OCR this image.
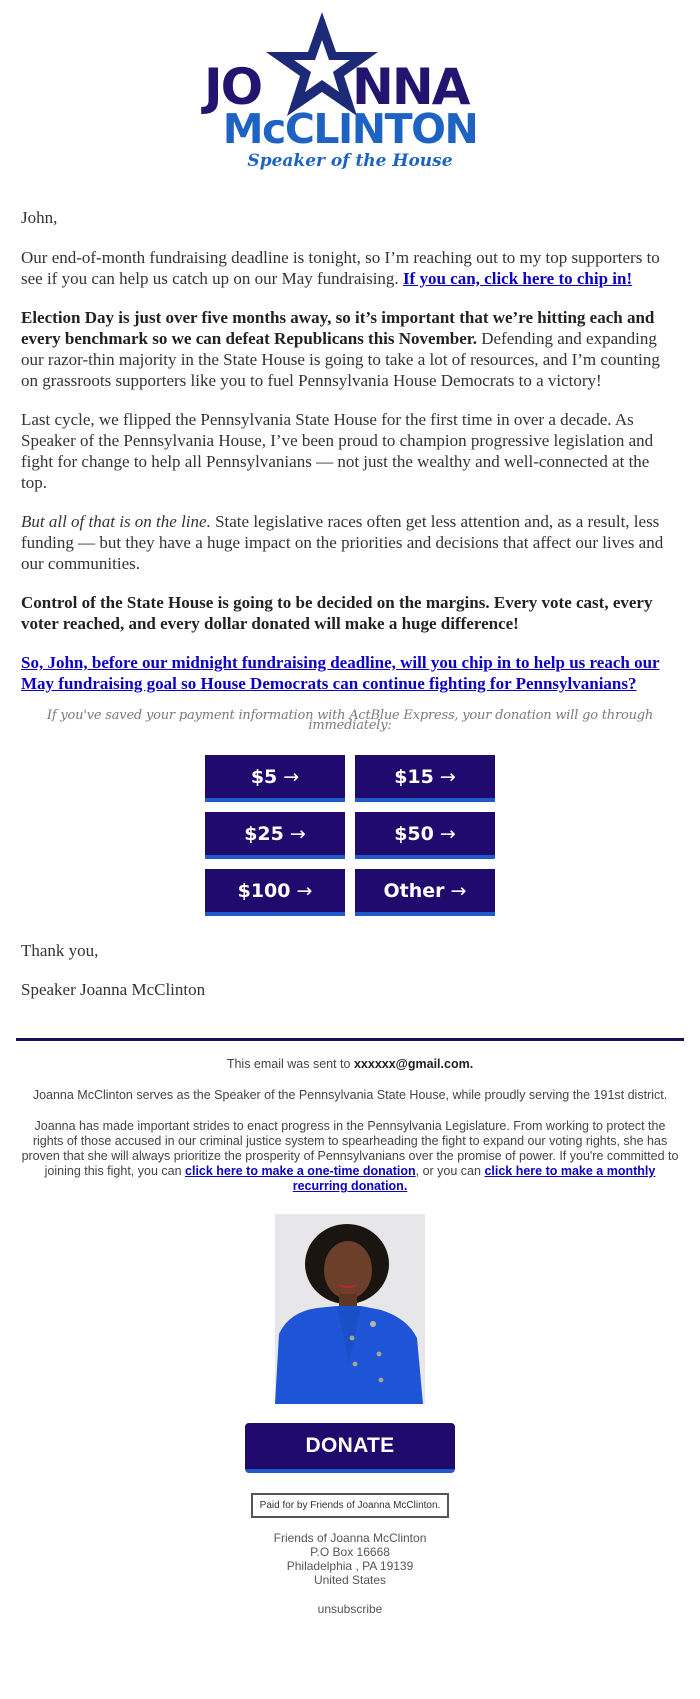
JO NNA
McCLINTON
Speaker of the House

John,

Our end-of-month fundraising deadline is tonight, so I’m reaching out to my top supporters to see if you can help us catch up on our May fundraising. If you can, click here to chip in!

Election Day is just over five months away, so it’s important that we’re hitting each and every benchmark so we can defeat Republicans this November. Defending and expanding our razor-thin majority in the State House is going to take a lot of resources, and I’m counting on grassroots supporters like you to fuel Pennsylvania House Democrats to a victory!

Last cycle, we flipped the Pennsylvania State House for the first time in over a decade. As Speaker of the Pennsylvania House, I’ve been proud to champion progressive legislation and fight for change to help all Pennsylvanians — not just the wealthy and well-connected at the top.

But all of that is on the line. State legislative races often get less attention and, as a result, less funding — but they have a huge impact on the priorities and decisions that affect our lives and our communities.

Control of the State House is going to be decided on the margins. Every vote cast, every voter reached, and every dollar donated will make a huge difference!

So, John, before our midnight fundraising deadline, will you chip in to help us reach our May fundraising goal so House Democrats can continue fighting for Pennsylvanians?

If you've saved your payment information with ActBlue Express, your donation will go through immediately:

$5 →	$15 →
$25 →	$50 →
$100 →	Other →

Thank you,

Speaker Joanna McClinton

This email was sent to xxxxxx@gmail.com.

Joanna McClinton serves as the Speaker of the Pennsylvania State House, while proudly serving the 191st district.

Joanna has made important strides to enact progress in the Pennsylvania Legislature. From working to protect the rights of those accused in our criminal justice system to spearheading the fight to expand our voting rights, she has proven that she will always prioritize the prosperity of Pennsylvanians over the promise of power. If you're committed to joining this fight, you can click here to make a one-time donation, or you can click here to make a monthly recurring donation.

DONATE
Paid for by Friends of Joanna McClinton.
Friends of Joanna McClinton
P.O Box 16668
Philadelphia , PA 19139
United States
unsubscribe
